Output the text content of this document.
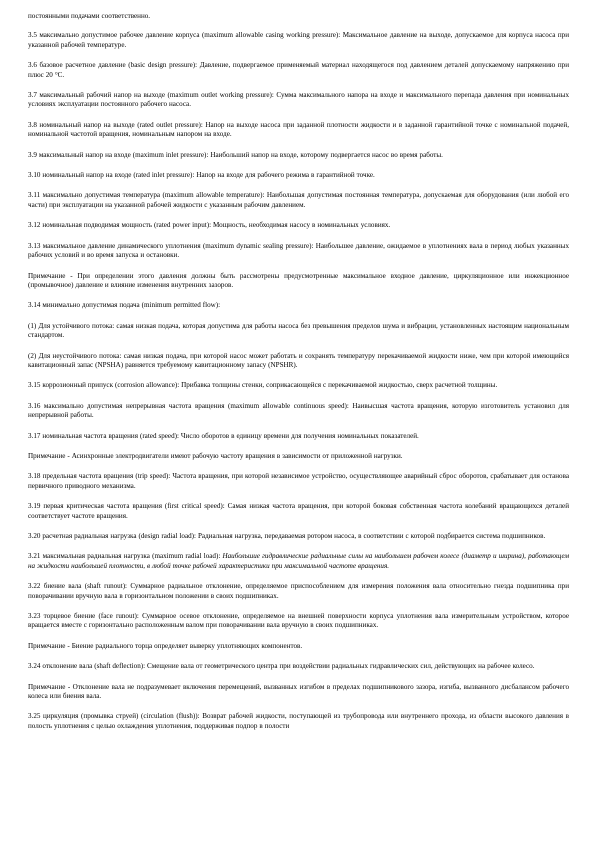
постоянными подачами соответственно.

3.5 максимально допустимое рабочее давление корпуса (maximum allowable casing working pressure): Максимальное давление на выходе, допускаемое для корпуса насоса при указанной рабочей температуре.

3.6 базовое расчетное давление (basic design pressure): Давление, подвергаемое применяемый материал находящегося под давлением деталей допускаемому напряжению при плюс 20 °С.

3.7 максимальный рабочий напор на выходе (maximum outlet working pressure): Сумма максимального напора на входе и максимального перепада давления при номинальных условиях эксплуатации постоянного рабочего насоса.

3.8 номинальный напор на выходе (rated outlet pressure): Напор на выходе насоса при заданной плотности жидкости и в заданной гарантийной точке с номинальной подачей, номинальной частотой вращения, номинальным напором на входе.

3.9 максимальный напор на входе (maximum inlet pressure): Наибольший напор на входе, которому подвергается насос во время работы.

3.10 номинальный напор на входе (rated inlet pressure): Напор на входе для рабочего режима в гарантийной точке.

3.11 максимально допустимая температура (maximum allowable temperature): Наибольшая допустимая постоянная температура, допускаемая для оборудования (или любой его части) при эксплуатации на указанной рабочей жидкости с указанным рабочим давлением.

3.12 номинальная подводимая мощность (rated power input): Мощность, необходимая насосу в номинальных условиях.

3.13 максимальное давление динамического уплотнения (maximum dynamic sealing pressure): Наибольшее давление, ожидаемое в уплотнениях вала в период любых указанных рабочих условий и во время запуска и остановки.

Примечание - При определении этого давления должны быть рассмотрены предусмотренные максимальное входное давление, циркуляционное или инжекционное (промывочное) давление и влияние изменения внутренних зазоров.

3.14 минимально допустимая подача (minimum permitted flow):

(1) Для устойчивого потока: самая низкая подача, которая допустима для работы насоса без превышения пределов шума и вибрации, установленных настоящим национальным стандартом.

(2) Для неустойчивого потока: самая низкая подача, при которой насос может работать и сохранять температуру перекачиваемой жидкости ниже, чем при которой имеющийся кавитационный запас (NPSHA) равняется требуемому кавитационному запасу (NPSHR).

3.15 коррозионный припуск (corrosion allowance): Прибавка толщины стенки, соприкасающейся с перекачиваемой жидкостью, сверх расчетной толщины.

3.16 максимально допустимая непрерывная частота вращения (maximum allowable continuous speed): Наивысшая частота вращения, которую изготовитель установил для непрерывной работы.

3.17 номинальная частота вращения (rated speed): Число оборотов в единицу времени для получения номинальных показателей.

Примечание - Асинхронные электродвигатели имеют рабочую частоту вращения в зависимости от приложенной нагрузки.

3.18 предельная частота вращения (trip speed): Частота вращения, при которой независимое устройство, осуществляющее аварийный сброс оборотов, срабатывает для останова первичного приводного механизма.

3.19 первая критическая частота вращения (first critical speed): Самая низкая частота вращения, при которой боковая собственная частота колебаний вращающихся деталей соответствует частоте вращения.

3.20 расчетная радиальная нагрузка (design radial load): Радиальная нагрузка, передаваемая ротором насоса, в соответствии с которой подбирается система подшипников.

3.21 максимальная радиальная нагрузка (maximum radial load): Наибольшие гидравлические радиальные силы на наибольшем рабочем колесе (диаметр и ширина), работающем на жидкости наибольшей плотности, в любой точке рабочей характеристики при максимальной частоте вращения.

3.22 биение вала (shaft runout): Суммарное радиальное отклонение, определяемое приспособлением для измерения положения вала относительно гнезда подшипника при поворачивании вручную вала в горизонтальном положении в своих подшипниках.

3.23 торцевое биение (face runout): Суммарное осевое отклонение, определяемое на внешней поверхности корпуса уплотнения вала измерительным устройством, которое вращается вместе с горизонтально расположенным валом при поворачивании вала вручную в своих подшипниках.

Примечание - Биение радиального торца определяет выверку уплотняющих компонентов.

3.24 отклонение вала (shaft deflection): Смещение вала от геометрического центра при воздействии радиальных гидравлических сил, действующих на рабочее колесо.

Примечание - Отклонение вала не подразумевает включения перемещений, вызванных изгибом в пределах подшипникового зазора, изгиба, вызванного дисбалансом рабочего колеса или биения вала.

3.25 циркуляция (промывка струей) (circulation (flush)): Возврат рабочей жидкости, поступающей из трубопровода или внутреннего прохода, из области высокого давления в полость уплотнения с целью охлаждения уплотнения, поддерживая подпор в полости
